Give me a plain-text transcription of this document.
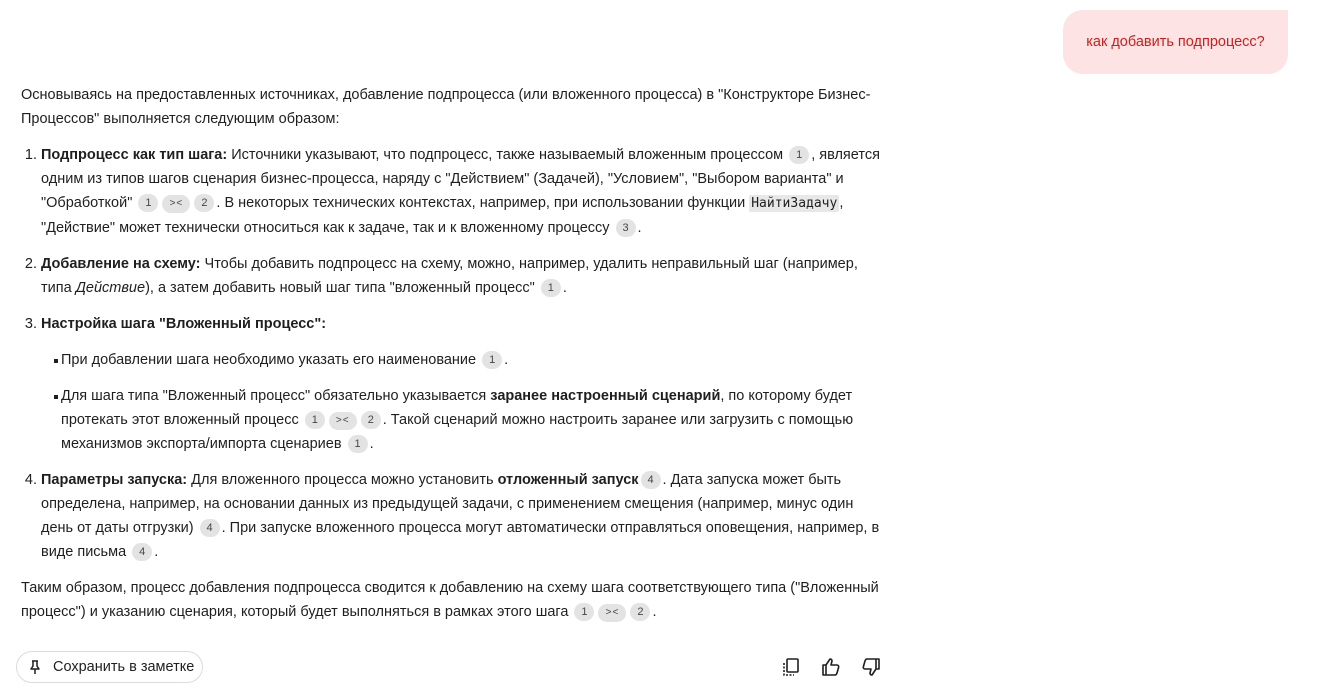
как добавить подпроцесс?

Основываясь на предоставленных источниках, добавление подпроцесса (или вложенного процесса) в "Конструкторе Бизнес-Процессов" выполняется следующим образом:

1. Подпроцесс как тип шага: Источники указывают, что подпроцесс, также называемый вложенным процессом 1 , является одним из типов шагов сценария бизнес-процесса, наряду с "Действием" (Задачей), "Условием", "Выбором варианта" и "Обработкой" 1 >< 2 . В некоторых технических контекстах, например, при использовании функции НайтиЗадачу , "Действие" может технически относиться как к задаче, так и к вложенному процессу 3 .
2. Добавление на схему: Чтобы добавить подпроцесс на схему, можно, например, удалить неправильный шаг (например, типа Действие), а затем добавить новый шаг типа "вложенный процесс" 1 .
3. Настройка шага "Вложенный процесс":
При добавлении шага необходимо указать его наименование 1 .
Для шага типа "Вложенный процесс" обязательно указывается заранее настроенный сценарий, по которому будет протекать этот вложенный процесс 1 >< 2 . Такой сценарий можно настроить заранее или загрузить с помощью механизмов экспорта/импорта сценариев 1 .
4. Параметры запуска: Для вложенного процесса можно установить отложенный запуск 4 . Дата запуска может быть определена, например, на основании данных из предыдущей задачи, с применением смещения (например, минус один день от даты отгрузки) 4 . При запуске вложенного процесса могут автоматически отправляться оповещения, например, в виде письма 4 .

Таким образом, процесс добавления подпроцесса сводится к добавлению на схему шага соответствующего типа ("Вложенный процесс") и указанию сценария, который будет выполняться в рамках этого шага 1 >< 2 .

Сохранить в заметке
